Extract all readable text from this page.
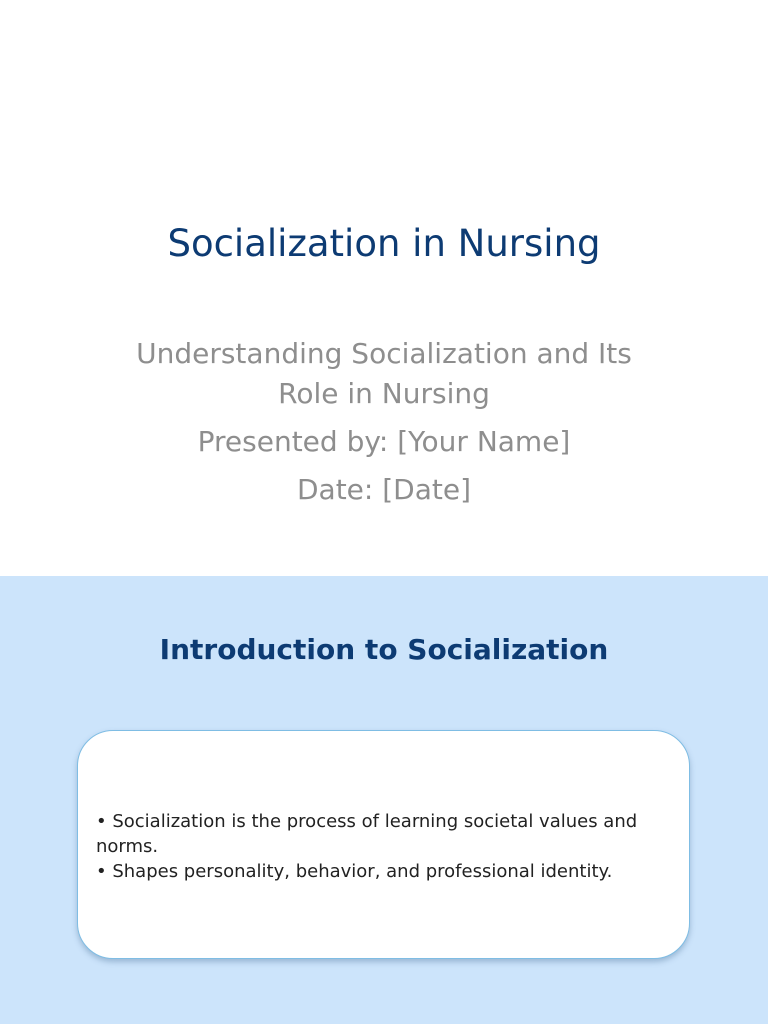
Socialization in Nursing
Understanding Socialization and Its Role in Nursing
Presented by: [Your Name]
Date: [Date]
Introduction to Socialization
• Socialization is the process of learning societal values and norms.
• Shapes personality, behavior, and professional identity.
